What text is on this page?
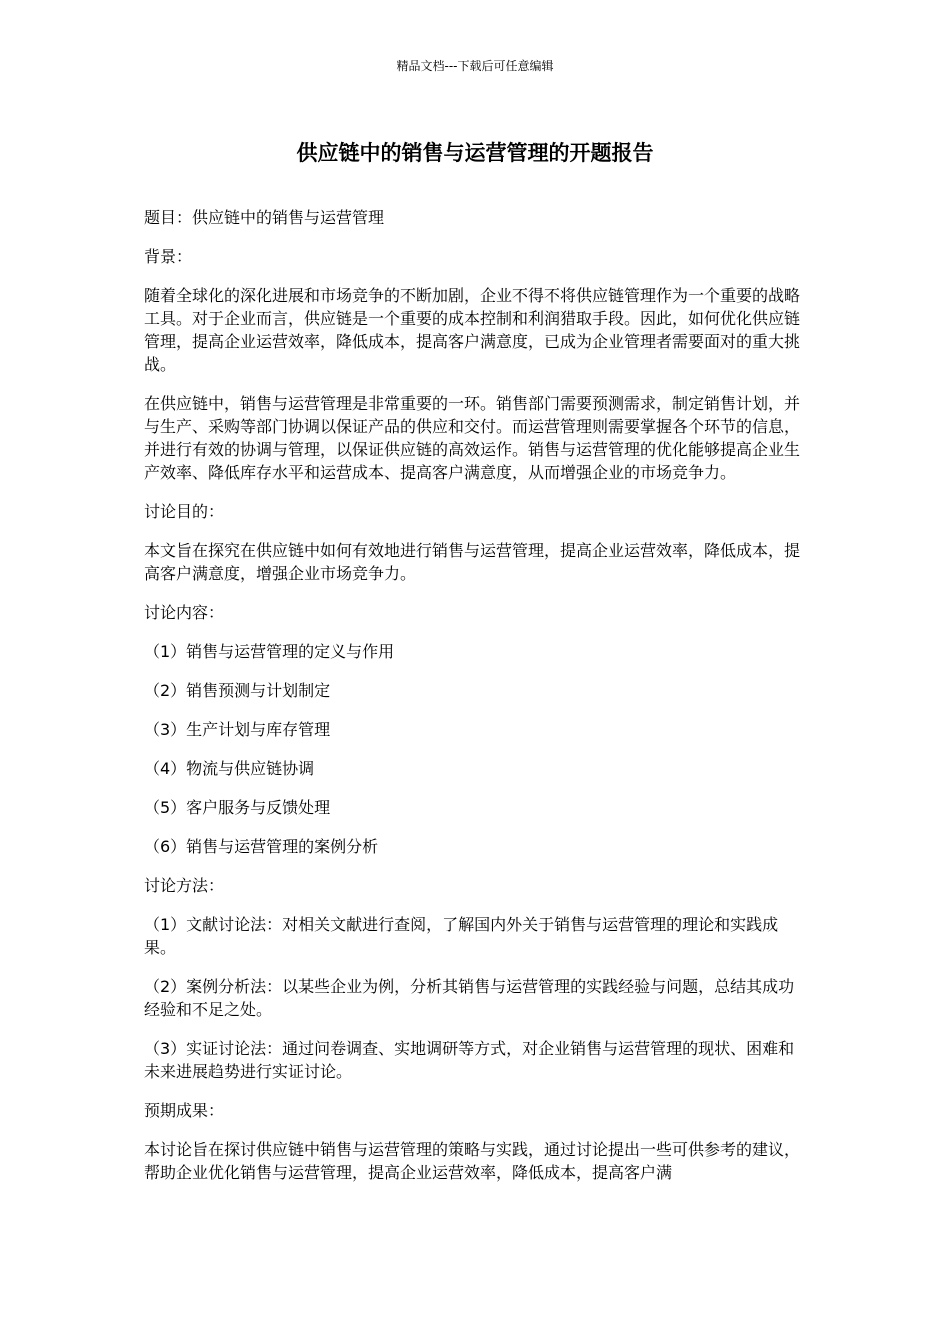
精品文档---下载后可任意编辑
供应链中的销售与运营管理的开题报告

题目：供应链中的销售与运营管理

背景：

随着全球化的深化进展和市场竞争的不断加剧，企业不得不将供应链管理作为一个重要的战略工具。对于企业而言，供应链是一个重要的成本控制和利润猎取手段。因此，如何优化供应链管理，提高企业运营效率，降低成本，提高客户满意度，已成为企业管理者需要面对的重大挑战。

在供应链中，销售与运营管理是非常重要的一环。销售部门需要预测需求，制定销售计划，并与生产、采购等部门协调以保证产品的供应和交付。而运营管理则需要掌握各个环节的信息，并进行有效的协调与管理，以保证供应链的高效运作。销售与运营管理的优化能够提高企业生产效率、降低库存水平和运营成本、提高客户满意度，从而增强企业的市场竞争力。

讨论目的：

本文旨在探究在供应链中如何有效地进行销售与运营管理，提高企业运营效率，降低成本，提高客户满意度，增强企业市场竞争力。

讨论内容：

（1）销售与运营管理的定义与作用

（2）销售预测与计划制定

（3）生产计划与库存管理

（4）物流与供应链协调

（5）客户服务与反馈处理

（6）销售与运营管理的案例分析

讨论方法：

（1）文献讨论法：对相关文献进行查阅，了解国内外关于销售与运营管理的理论和实践成果。

（2）案例分析法：以某些企业为例，分析其销售与运营管理的实践经验与问题，总结其成功经验和不足之处。

（3）实证讨论法：通过问卷调查、实地调研等方式，对企业销售与运营管理的现状、困难和未来进展趋势进行实证讨论。

预期成果：

本讨论旨在探讨供应链中销售与运营管理的策略与实践，通过讨论提出一些可供参考的建议，帮助企业优化销售与运营管理，提高企业运营效率，降低成本，提高客户满
